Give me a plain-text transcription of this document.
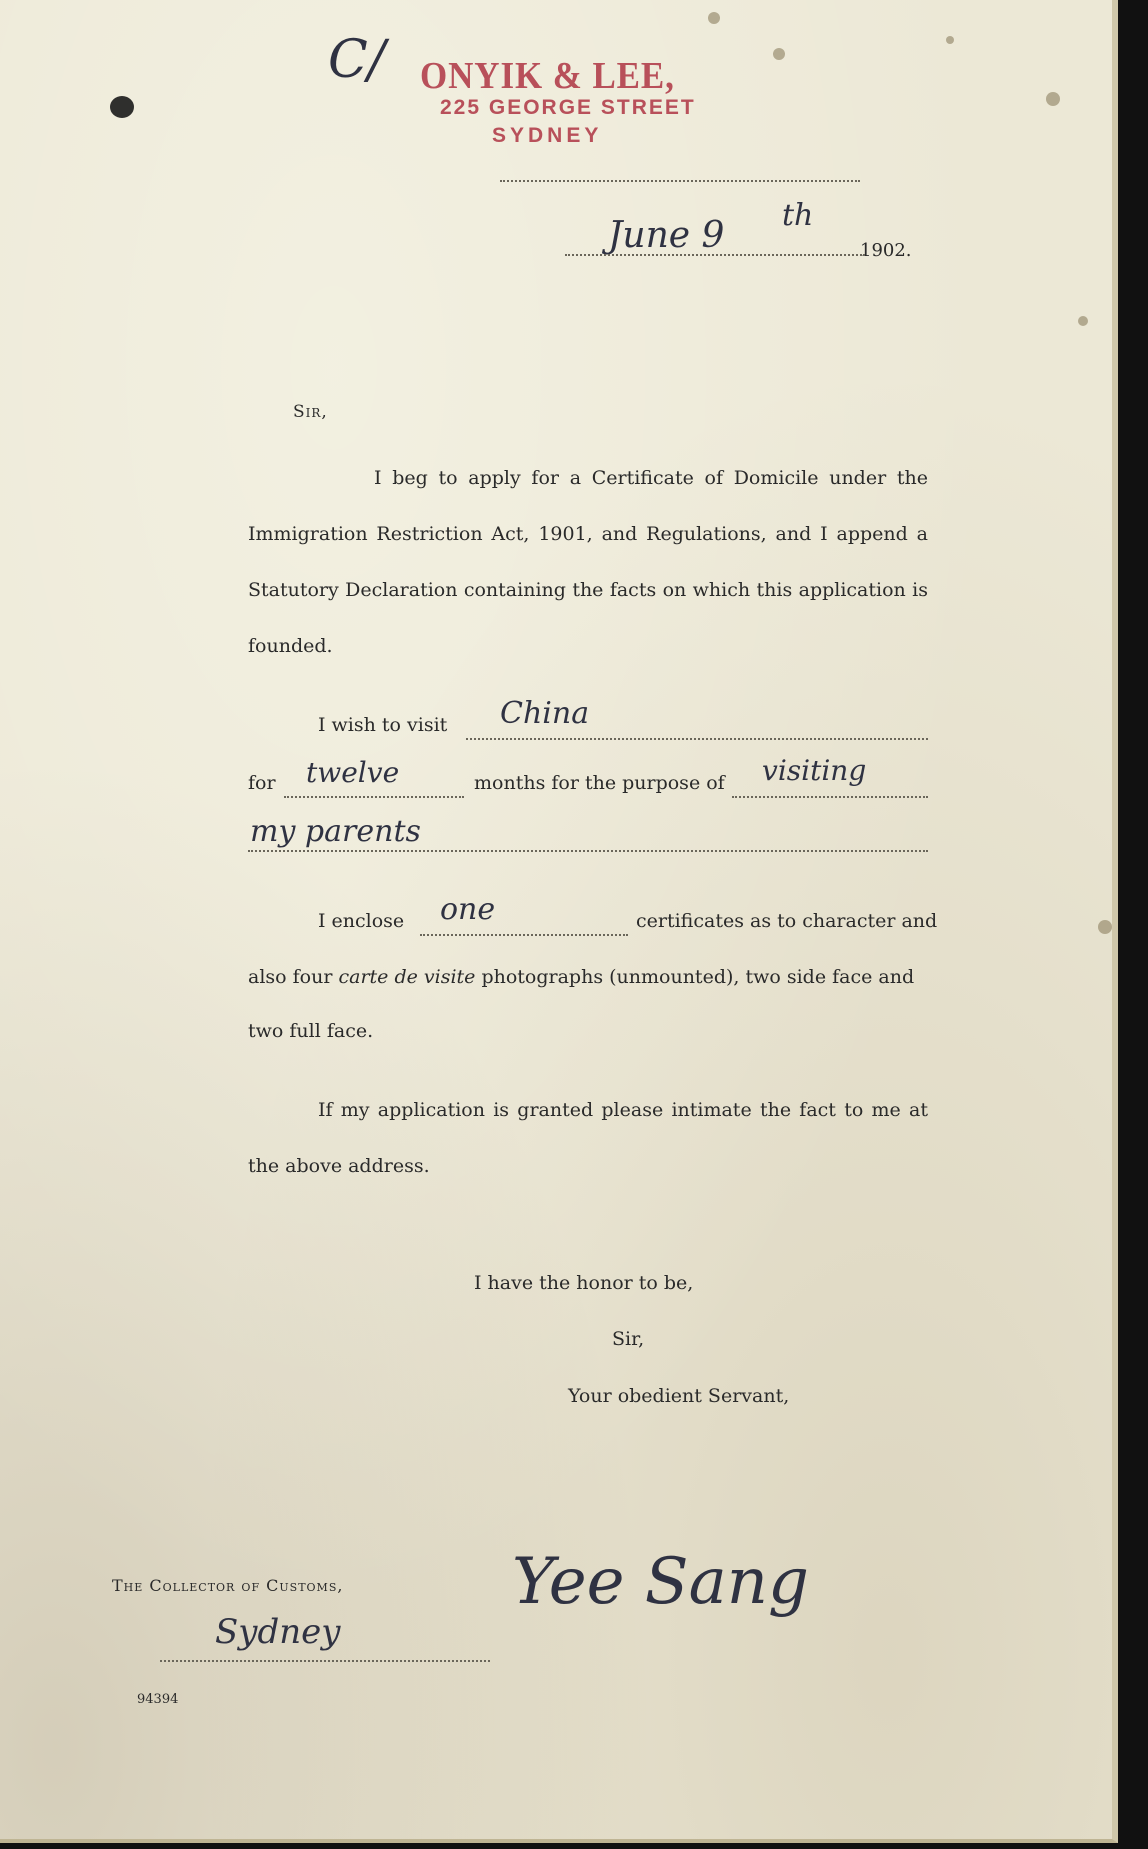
C/ ONYIK & LEE,
225 GEORGE STREET
SYDNEY
June 9 th
1902.
Sir,
I beg to apply for a Certificate of Domicile under the Immigration Restriction Act, 1901, and Regulations, and I append a Statutory Declaration containing the facts on which this application is founded.
I wish to visit China
for twelve	months for the purpose of visiting
my parents
I enclose one	certificates as to character and
also four carte de visite photographs (unmounted), two side face and
two full face.
If my application is granted please intimate the fact to me at the above address.
I have the honor to be,
Sir,
Your obedient Servant,
The Collector of Customs,
Sydney
Yee Sang
94394
